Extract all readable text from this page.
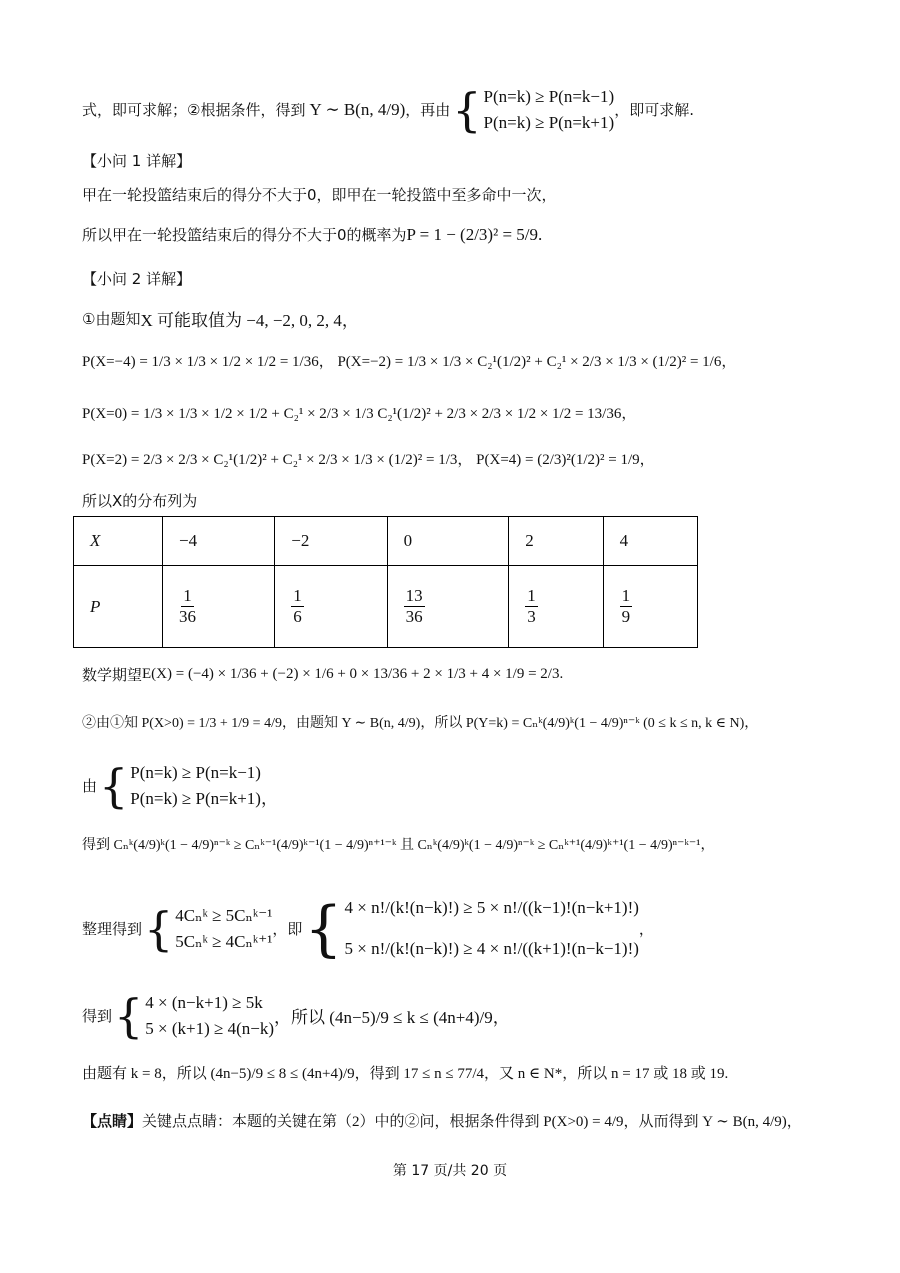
式，即可求解；②根据条件，得到 Y ∼ B(n, 4/9) ，再由 { P(n=k) ≥ P(n=k−1)
P(n=k) ≥ P(n=k+1)
，即可求解.
【小问 1 详解】
甲在一轮投篮结束后的得分不大于0，即甲在一轮投篮中至多命中一次，
所以甲在一轮投篮结束后的得分不大于0的概率为 P = 1 − (2/3)² = 5/9.
【小问 2 详解】
①由题知 X 可能取值为 −4, −2, 0, 2, 4，
P(X=−4) = 1/3 × 1/3 × 1/2 × 1/2 = 1/36， P(X=−2) = 1/3 × 1/3 × C₂¹(1/2)² + C₂¹ × 2/3 × 1/3 × (1/2)² = 1/6，
P(X=0) = 1/3 × 1/3 × 1/2 × 1/2 + C₂¹ × 2/3 × 1/3 C₂¹(1/2)² + 2/3 × 2/3 × 1/2 × 1/2 = 13/36，
P(X=2) = 2/3 × 2/3 × C₂¹(1/2)² + C₂¹ × 2/3 × 1/3 × (1/2)² = 1/3， P(X=4) = (2/3)²(1/2)² = 1/9，
所以X的分布列为
X	−4	−2	0	2	4
P	$\frac{1}{36}$	$\frac{1}{6}$	$\frac{13}{36}$	$\frac{1}{3}$	$\frac{1}{9}$
数学期望 E(X) = (−4) × 1/36 + (−2) × 1/6 + 0 × 13/36 + 2 × 1/3 + 4 × 1/9 = 2/3.
②由①知 P(X>0) = 1/3 + 1/9 = 4/9，由题知 Y ∼ B(n, 4/9)，所以 P(Y=k) = Cₙᵏ(4/9)ᵏ(1 − 4/9)ⁿ⁻ᵏ (0 ≤ k ≤ n, k ∈ N)，
由 { P(n=k) ≥ P(n=k−1)
P(n=k) ≥ P(n=k+1)，
得到 Cₙᵏ(4/9)ᵏ(1 − 4/9)ⁿ⁻ᵏ ≥ Cₙᵏ⁻¹(4/9)ᵏ⁻¹(1 − 4/9)ⁿ⁺¹⁻ᵏ 且 Cₙᵏ(4/9)ᵏ(1 − 4/9)ⁿ⁻ᵏ ≥ Cₙᵏ⁺¹(4/9)ᵏ⁺¹(1 − 4/9)ⁿ⁻ᵏ⁻¹，
整理得到 { 4Cₙᵏ ≥ 5Cₙᵏ⁻¹
5Cₙᵏ ≥ 4Cₙᵏ⁺¹
，即 { 4 × n!/(k!(n−k)!) ≥ 5 × n!/((k−1)!(n−k+1)!)
5 × n!/(k!(n−k)!) ≥ 4 × n!/((k+1)!(n−k−1)!)
，
得到 { 4 × (n−k+1) ≥ 5k
5 × (k+1) ≥ 4(n−k)
，所以 (4n−5)/9 ≤ k ≤ (4n+4)/9，
由题有 k = 8，所以 (4n−5)/9 ≤ 8 ≤ (4n+4)/9，得到 17 ≤ n ≤ 77/4，又 n ∈ N*，所以 n = 17 或 18 或 19.
【点睛】 关键点点睛：本题的关键在第（2）中的②问，根据条件得到 P(X>0) = 4/9，从而得到 Y ∼ B(n, 4/9)，
第 17 页/共 20 页
